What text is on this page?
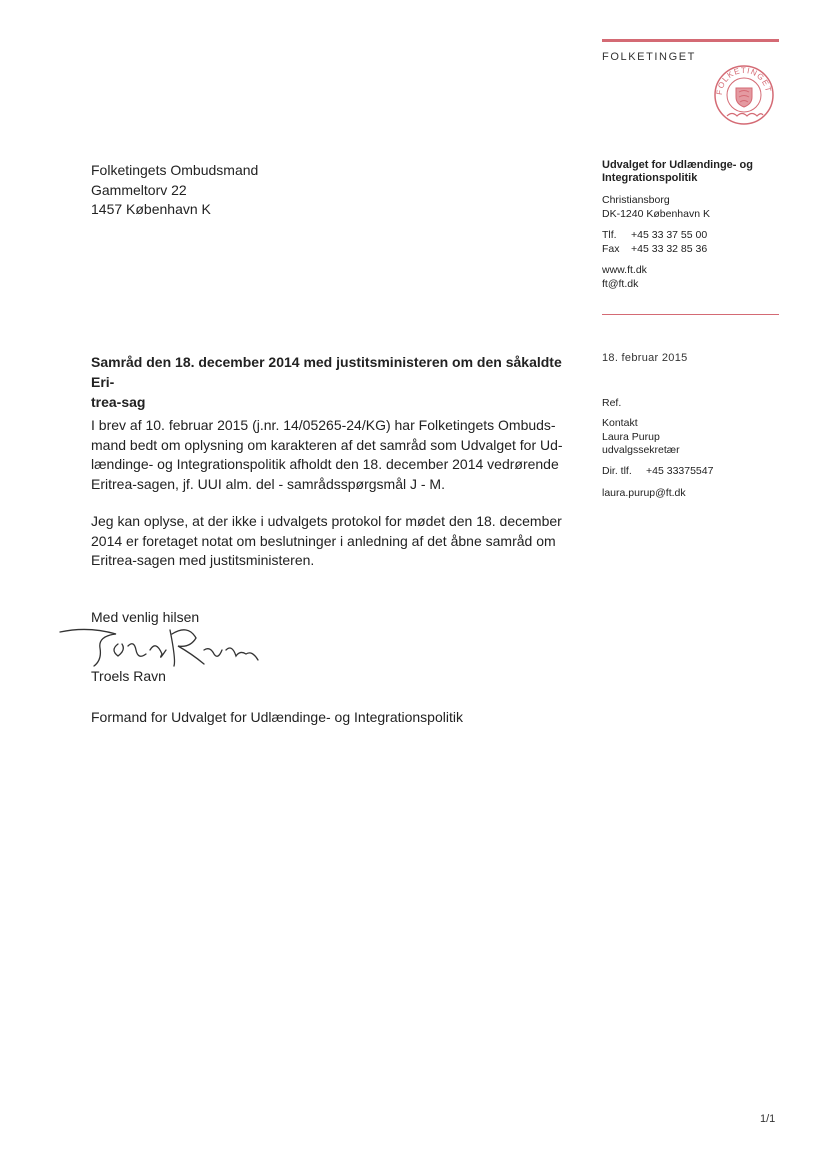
FOLKETINGET
FOLKETINGET
Folketingets Ombudsmand
Gammeltorv 22
1457 København K
Udvalget for Udlændinge- og
Integrationspolitik
Christiansborg
DK-1240 København K
Tlf. +45 33 37 55 00
Fax +45 33 32 85 36
www.ft.dk
ft@ft.dk
18. februar 2015
Ref.
Kontakt
Laura Purup
udvalgssekretær
Dir. tlf. +45 33375547
laura.purup@ft.dk
Samråd den 18. december 2014 med justitsministeren om den såkaldte Eri-
trea-sag
I brev af 10. februar 2015 (j.nr. 14/05265-24/KG) har Folketingets Ombuds-
mand bedt om oplysning om karakteren af det samråd som Udvalget for Ud-
lændinge- og Integrationspolitik afholdt den 18. december 2014 vedrørende
Eritrea-sagen, jf. UUI alm. del - samrådsspørgsmål J - M.
Jeg kan oplyse, at der ikke i udvalgets protokol for mødet den 18. december
2014 er foretaget notat om beslutninger i anledning af det åbne samråd om
Eritrea-sagen med justitsministeren.
Med venlig hilsen
Troels Ravn
Formand for Udvalget for Udlændinge- og Integrationspolitik
1/1
